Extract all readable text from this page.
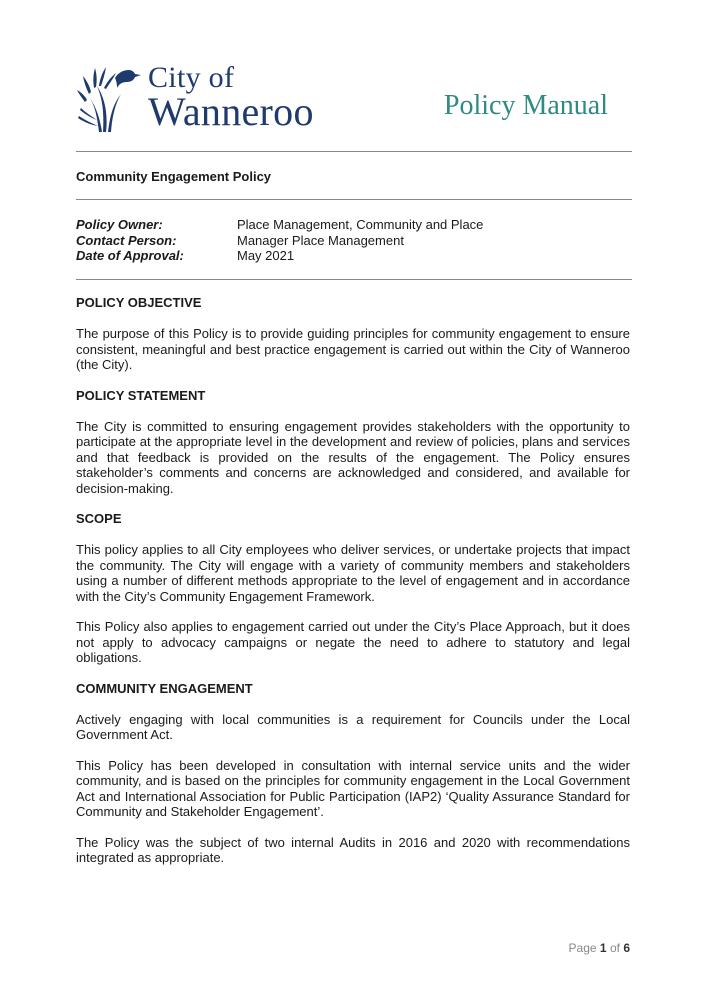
City of
Wanneroo	Policy Manual
Community Engagement Policy
Policy Owner:	Place Management, Community and Place
Contact Person:	Manager Place Management
Date of Approval:	May 2021
POLICY OBJECTIVE

The purpose of this Policy is to provide guiding principles for community engagement to ensure consistent, meaningful and best practice engagement is carried out within the City of Wanneroo (the City).

POLICY STATEMENT

The City is committed to ensuring engagement provides stakeholders with the opportunity to participate at the appropriate level in the development and review of policies, plans and services and that feedback is provided on the results of the engagement. The Policy ensures stakeholder’s comments and concerns are acknowledged and considered, and available for decision-making.

SCOPE

This policy applies to all City employees who deliver services, or undertake projects that impact the community. The City will engage with a variety of community members and stakeholders using a number of different methods appropriate to the level of engagement and in accordance with the City’s Community Engagement Framework.

This Policy also applies to engagement carried out under the City’s Place Approach, but it does not apply to advocacy campaigns or negate the need to adhere to statutory and legal obligations.

COMMUNITY ENGAGEMENT

Actively engaging with local communities is a requirement for Councils under the Local Government Act.

This Policy has been developed in consultation with internal service units and the wider community, and is based on the principles for community engagement in the Local Government Act and International Association for Public Participation (IAP2) ‘Quality Assurance Standard for Community and Stakeholder Engagement’.

The Policy was the subject of two internal Audits in 2016 and 2020 with recommendations integrated as appropriate.

Page 1 of 6
